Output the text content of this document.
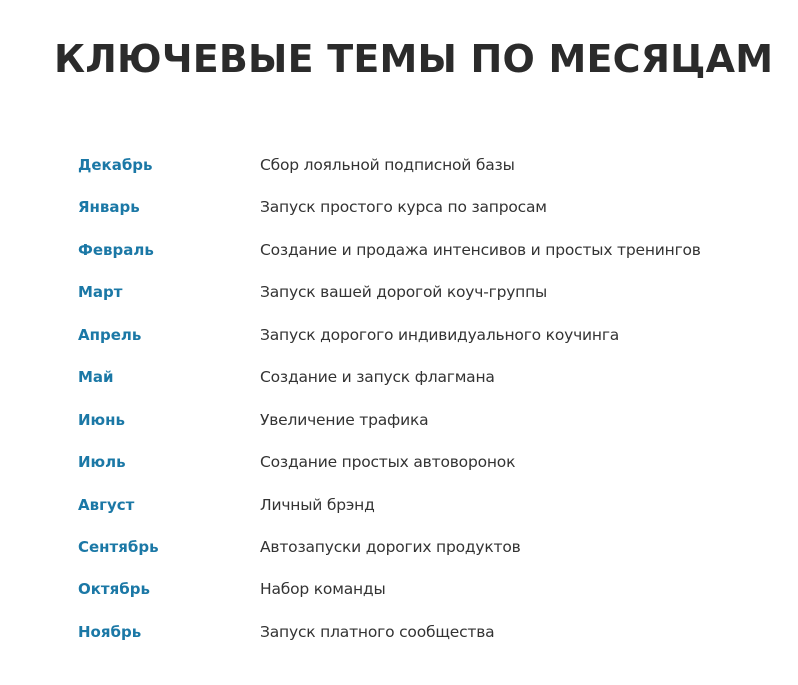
КЛЮЧЕВЫЕ ТЕМЫ ПО МЕСЯЦАМ
Декабрь	Сбор лояльной подписной базы
Январь	Запуск простого курса по запросам
Февраль	Создание и продажа интенсивов и простых тренингов
Март	Запуск вашей дорогой коуч-группы
Апрель	Запуск дорогого индивидуального коучинга
Май	Создание и запуск флагмана
Июнь	Увеличение трафика
Июль	Создание простых автоворонок
Август	Личный брэнд
Сентябрь	Автозапуски дорогих продуктов
Октябрь	Набор команды
Ноябрь	Запуск платного сообщества
